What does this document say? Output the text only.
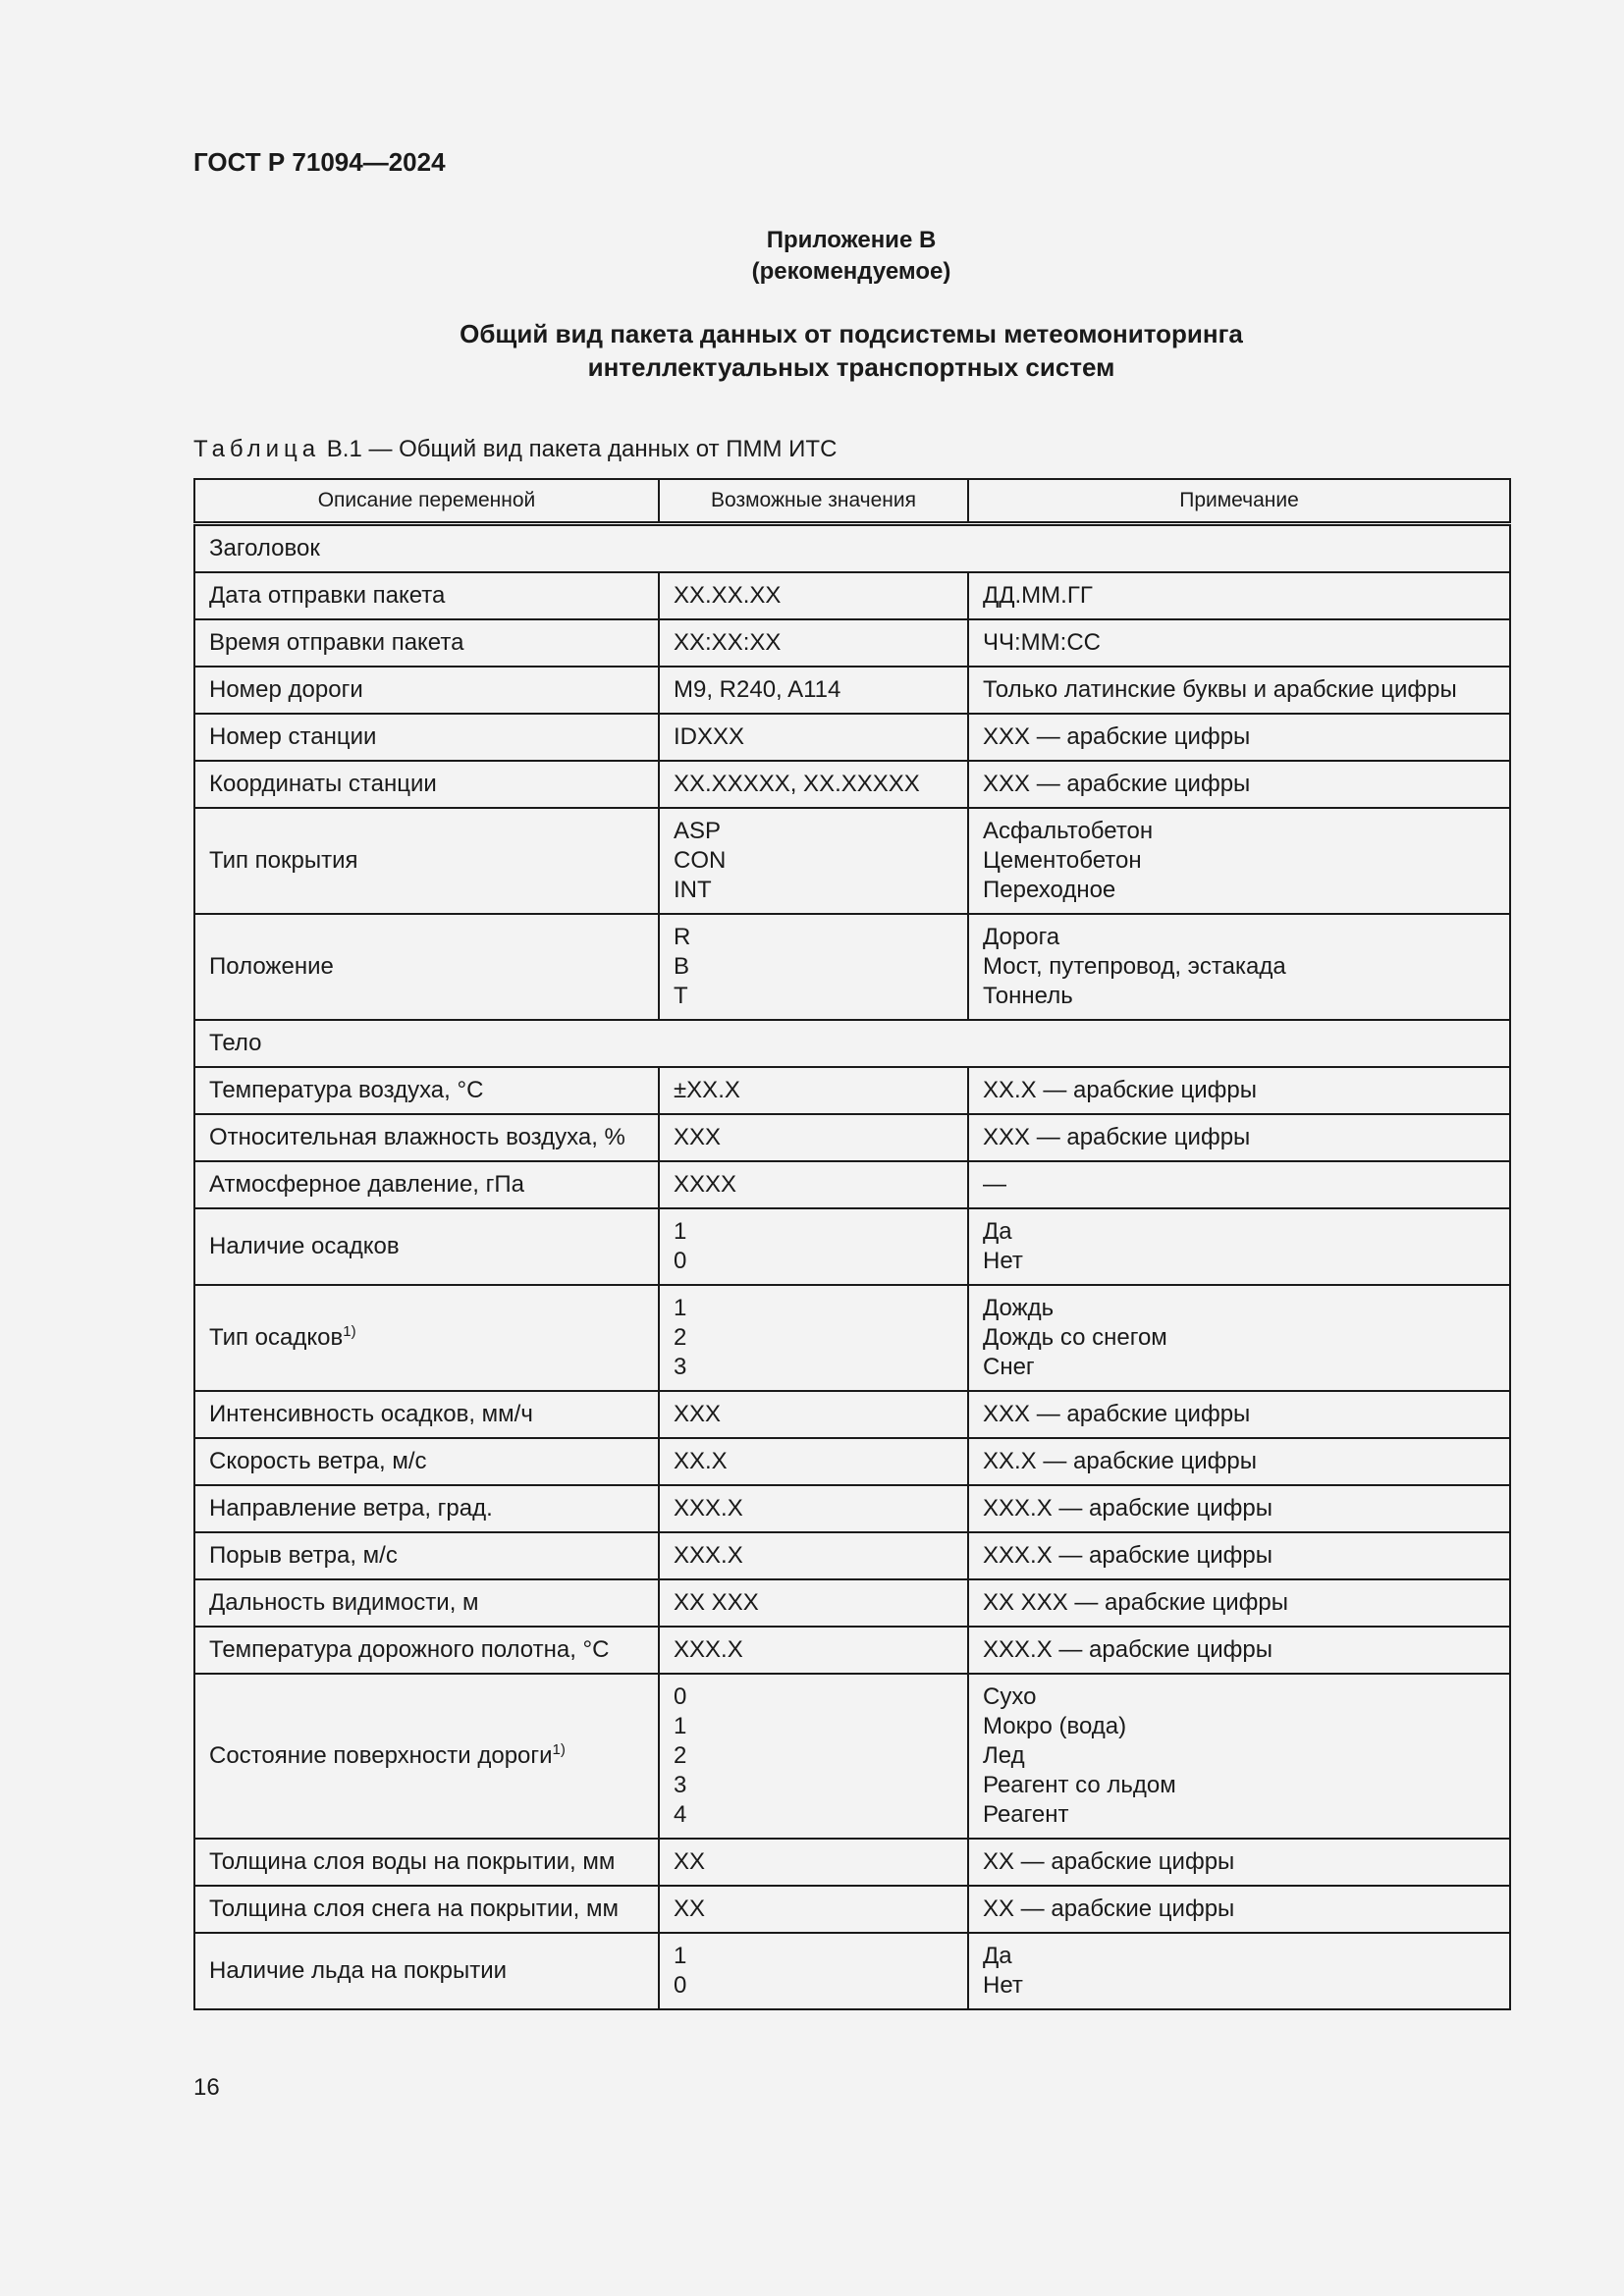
ГОСТ Р 71094—2024
Приложение В
(рекомендуемое)
Общий вид пакета данных от подсистемы метеомониторинга
интеллектуальных транспортных систем
Таблица В.1 — Общий вид пакета данных от ПММ ИТС
Описание переменной	Возможные значения	Примечание
Заголовок		
Дата отправки пакета	XX.XX.XX	ДД.ММ.ГГ
Время отправки пакета	XX:XX:XX	ЧЧ:ММ:СС
Номер дороги	M9, R240, A114	Только латинские буквы и арабские цифры
Номер станции	IDXXX	XXX — арабские цифры
Координаты станции	XX.XXXXX, XX.XXXXX	XXX — арабские цифры
Тип покрытия	ASP
CON
INT	Асфальтобетон
Цементобетон
Переходное
Положение	R
B
T	Дорога
Мост, путепровод, эстакада
Тоннель
Тело		
Температура воздуха, °С	±XX.X	XX.X — арабские цифры
Относительная влажность воздуха, %	XXX	XXX — арабские цифры
Атмосферное давление, гПа	XXXX	—
Наличие осадков	1
0	Да
Нет
Тип осадков$^{1)}$	1
2
3	Дождь
Дождь со снегом
Снег
Интенсивность осадков, мм/ч	XXX	XXX — арабские цифры
Скорость ветра, м/с	XX.X	XX.X — арабские цифры
Направление ветра, град.	XXX.X	XXX.X — арабские цифры
Порыв ветра, м/с	XXX.X	XXX.X — арабские цифры
Дальность видимости, м	XX XXX	XX XXX — арабские цифры
Температура дорожного полотна, °С	XXX.X	XXX.X — арабские цифры
Состояние поверхности дороги$^{1)}$	0
1
2
3
4	Сухо
Мокро (вода)
Лед
Реагент со льдом
Реагент
Толщина слоя воды на покрытии, мм	XX	XX — арабские цифры
Толщина слоя снега на покрытии, мм	XX	XX — арабские цифры
Наличие льда на покрытии	1
0	Да
Нет
16
